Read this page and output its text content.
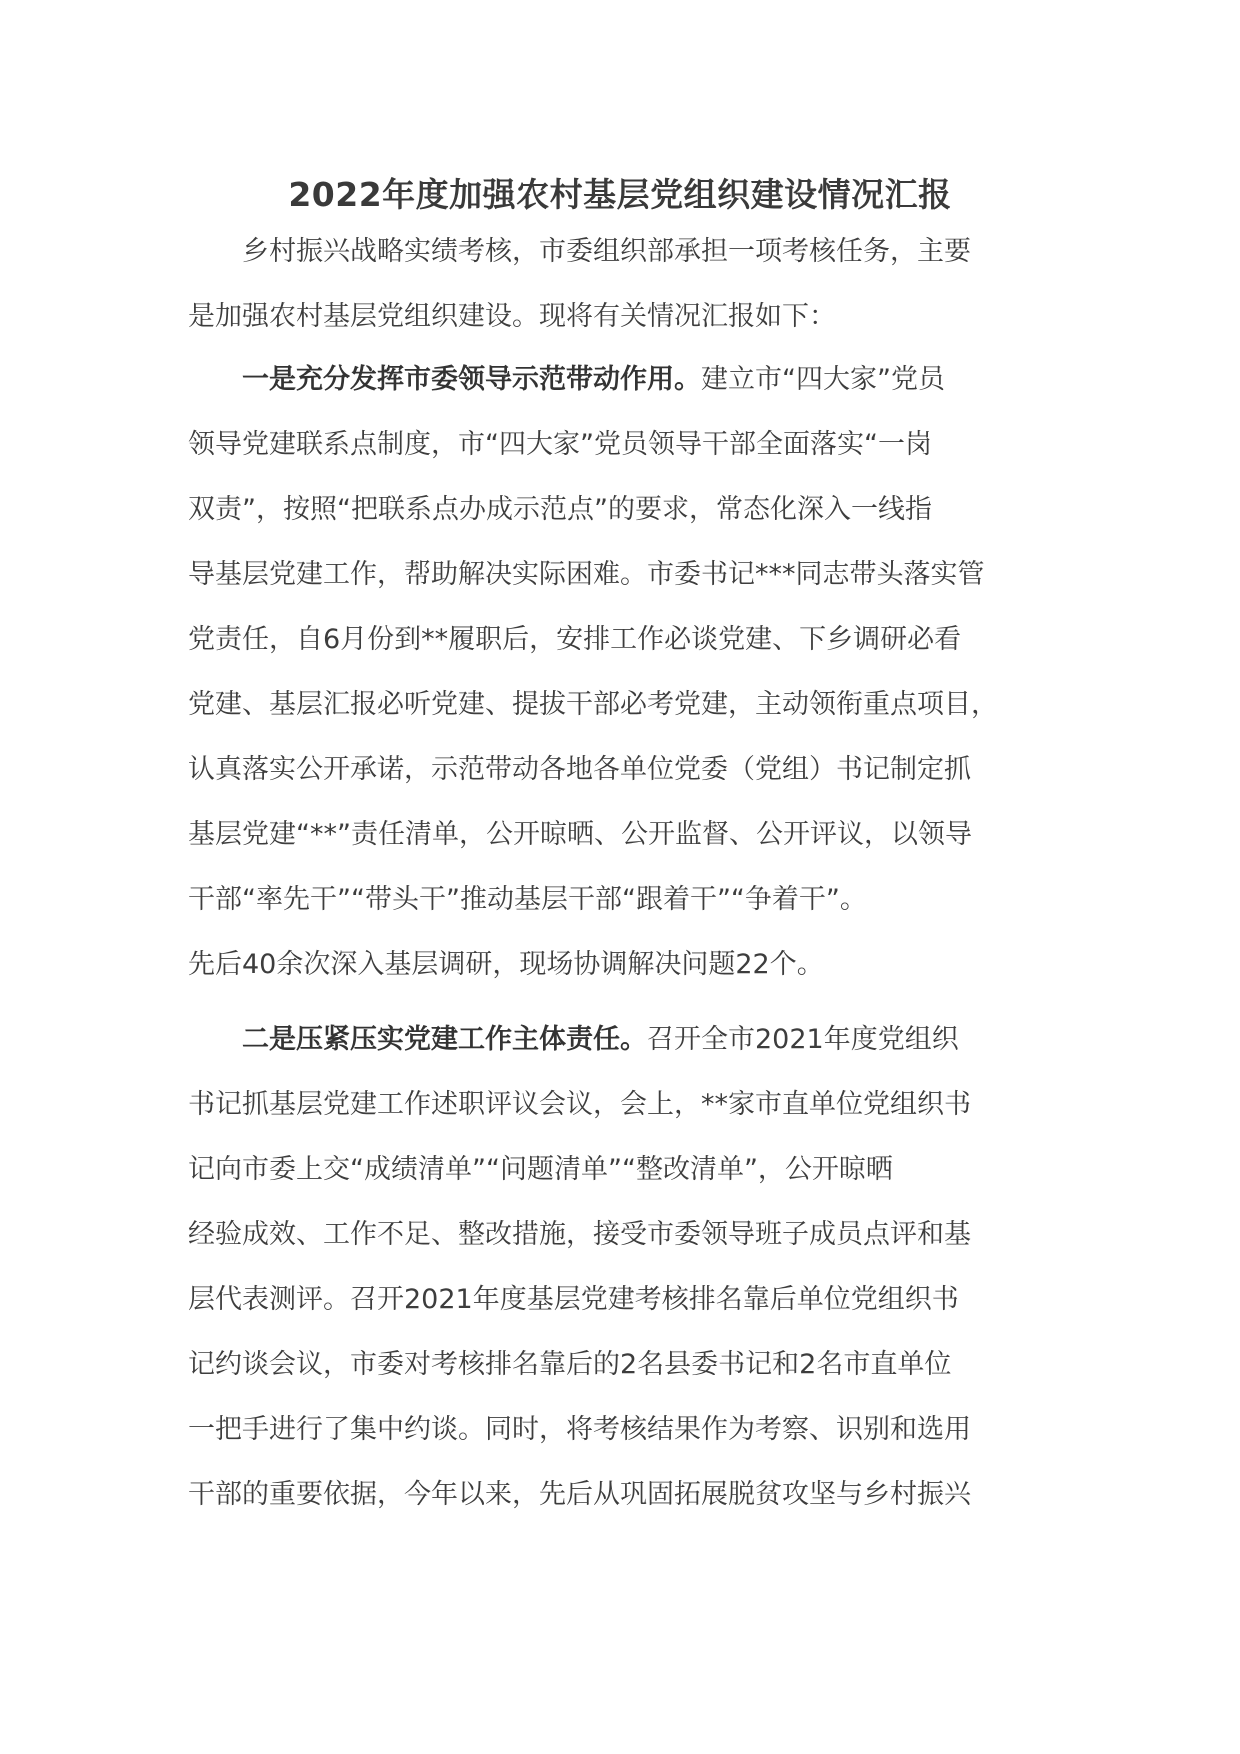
2022年度加强农村基层党组织建设情况汇报
乡村振兴战略实绩考核，市委组织部承担一项考核任务，主要
是加强农村基层党组织建设。现将有关情况汇报如下：
一是充分发挥市委领导示范带动作用。建立市“四大家”党员
领导党建联系点制度，市“四大家”党员领导干部全面落实“一岗
双责”，按照“把联系点办成示范点”的要求，常态化深入一线指
导基层党建工作，帮助解决实际困难。市委书记***同志带头落实管
党责任，自6月份到**履职后，安排工作必谈党建、下乡调研必看
党建、基层汇报必听党建、提拔干部必考党建，主动领衔重点项目，
认真落实公开承诺，示范带动各地各单位党委（党组）书记制定抓
基层党建“**”责任清单，公开晾晒、公开监督、公开评议，以领导
干部“率先干”“带头干”推动基层干部“跟着干”“争着干”。
先后40余次深入基层调研，现场协调解决问题22个。
二是压紧压实党建工作主体责任。召开全市2021年度党组织
书记抓基层党建工作述职评议会议，会上，**家市直单位党组织书
记向市委上交“成绩清单”“问题清单”“整改清单”，公开晾晒
经验成效、工作不足、整改措施，接受市委领导班子成员点评和基
层代表测评。召开2021年度基层党建考核排名靠后单位党组织书
记约谈会议，市委对考核排名靠后的2名县委书记和2名市直单位
一把手进行了集中约谈。同时，将考核结果作为考察、识别和选用
干部的重要依据，今年以来，先后从巩固拓展脱贫攻坚与乡村振兴
